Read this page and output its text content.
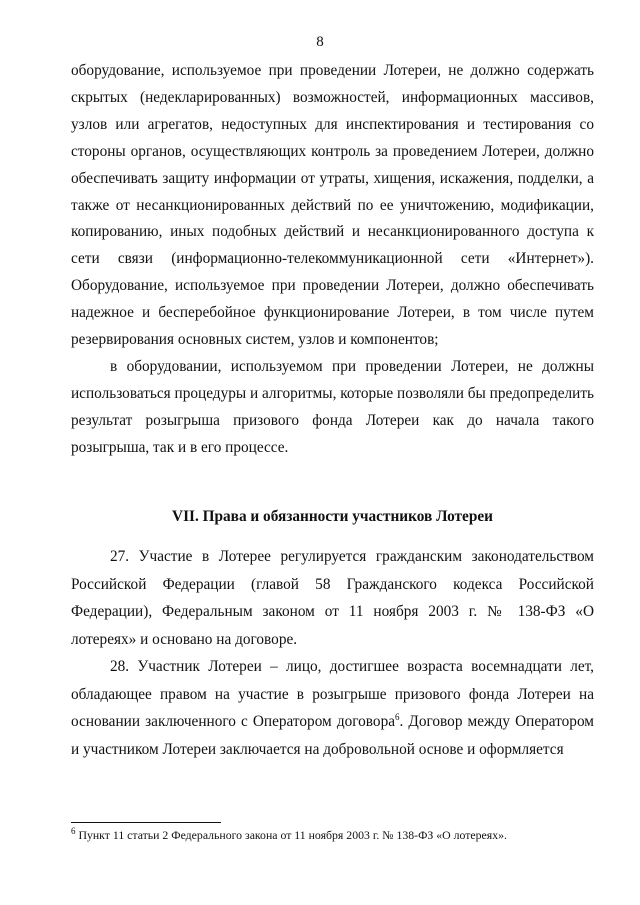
8

оборудование, используемое при проведении Лотереи, не должно содержать скрытых (недекларированных) возможностей, информационных массивов, узлов или агрегатов, недоступных для инспектирования и тестирования со стороны органов, осуществляющих контроль за проведением Лотереи, должно обеспечивать защиту информации от утраты, хищения, искажения, подделки, а также от несанкционированных действий по ее уничтожению, модификации, копированию, иных подобных действий и несанкционированного доступа к сети связи (информационно-телекоммуникационной сети «Интернет»). Оборудование, используемое при проведении Лотереи, должно обеспечивать надежное и бесперебойное функционирование Лотереи, в том числе путем резервирования основных систем, узлов и компонентов;

в оборудовании, используемом при проведении Лотереи, не должны использоваться процедуры и алгоритмы, которые позволяли бы предопределить результат розыгрыша призового фонда Лотереи как до начала такого розыгрыша, так и в его процессе.

VII. Права и обязанности участников Лотереи

27. Участие в Лотерее регулируется гражданским законодательством Российской Федерации (главой 58 Гражданского кодекса Российской Федерации), Федеральным законом от 11 ноября 2003 г. № 138-ФЗ «О лотереях» и основано на договоре.

28. Участник Лотереи – лицо, достигшее возраста восемнадцати лет, обладающее правом на участие в розыгрыше призового фонда Лотереи на основании заключенного с Оператором договора$^6$. Договор между Оператором и участником Лотереи заключается на добровольной основе и оформляется

$^6$ Пункт 11 статьи 2 Федерального закона от 11 ноября 2003 г. № 138-ФЗ «О лотереях».
